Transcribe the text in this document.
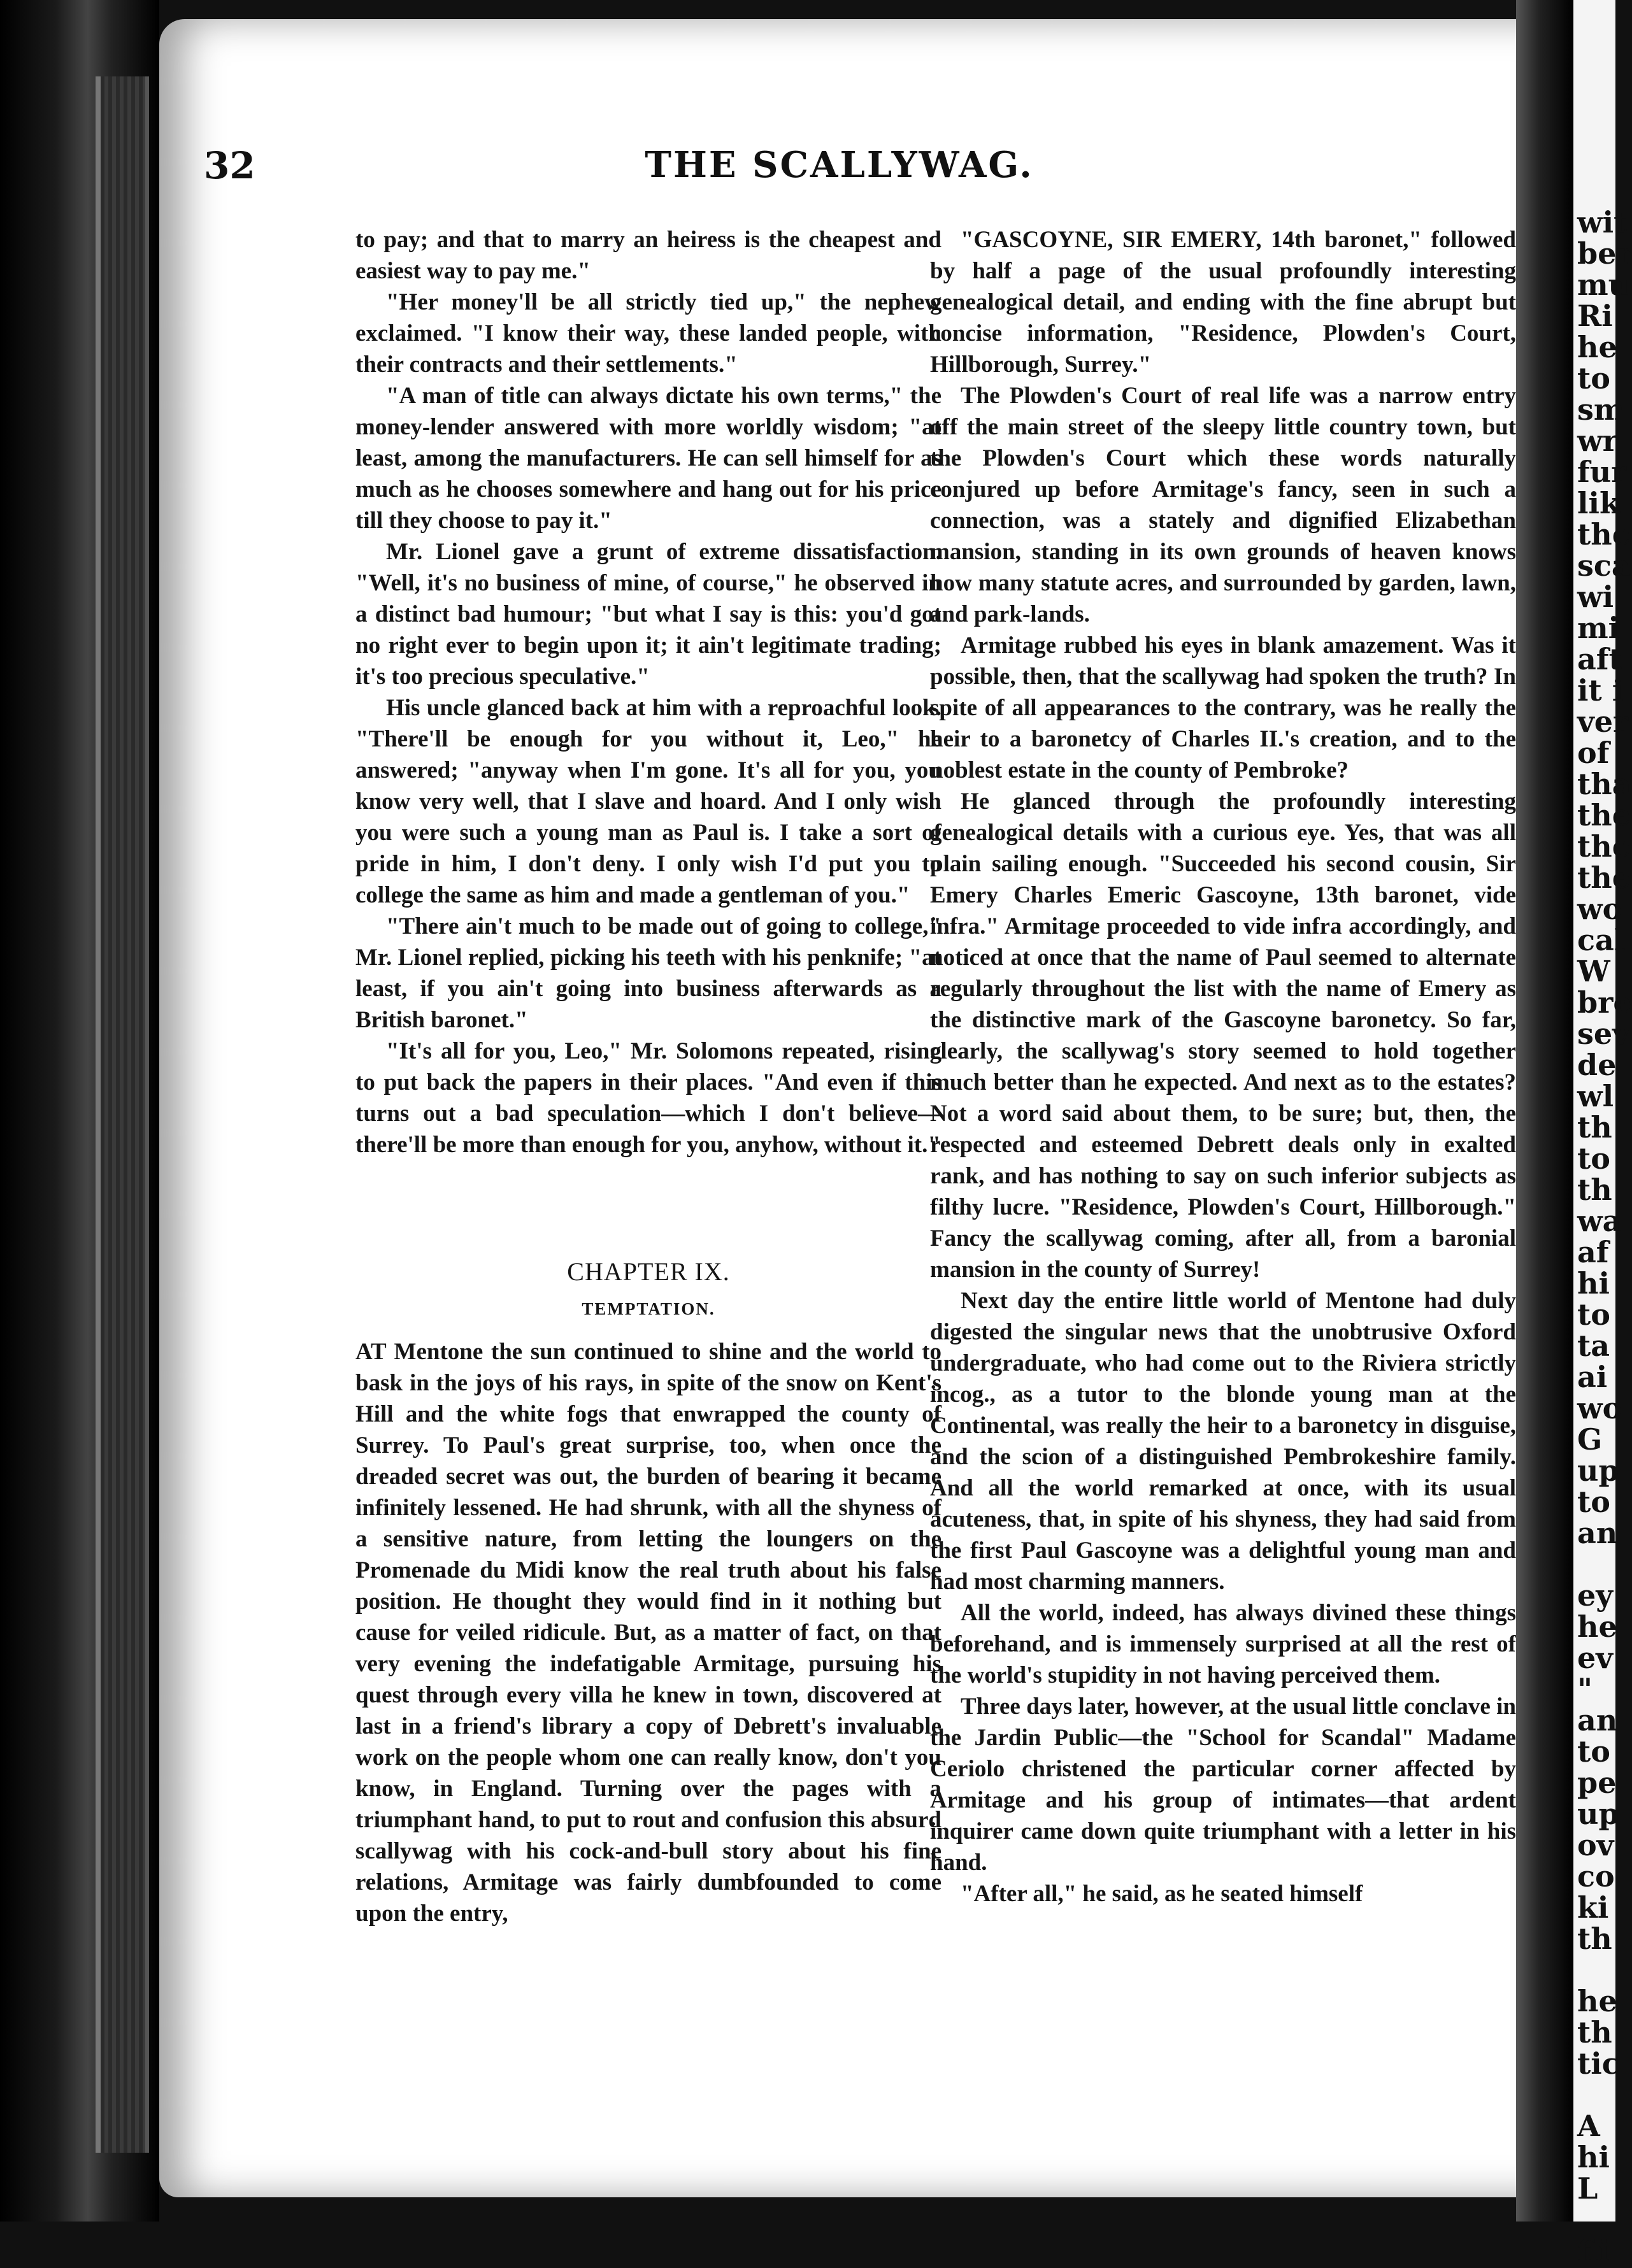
32	THE SCALLYWAG.

to pay; and that to marry an heiress is the cheapest and easiest way to pay me."

"Her money'll be all strictly tied up," the nephew exclaimed. "I know their way, these landed people, with their contracts and their settlements."

"A man of title can always dictate his own terms," the money-lender answered with more worldly wisdom; "at least, among the manufacturers. He can sell himself for as much as he chooses somewhere and hang out for his price till they choose to pay it."

Mr. Lionel gave a grunt of extreme dissatisfaction. "Well, it's no business of mine, of course," he observed in a distinct bad humour; "but what I say is this: you'd got no right ever to begin upon it; it ain't legitimate trading; it's too precious speculative."

His uncle glanced back at him with a reproachful look. "There'll be enough for you without it, Leo," he answered; "anyway when I'm gone. It's all for you, you know very well, that I slave and hoard. And I only wish you were such a young man as Paul is. I take a sort of pride in him, I don't deny. I only wish I'd put you to college the same as him and made a gentleman of you."

"There ain't much to be made out of going to college," Mr. Lionel replied, picking his teeth with his penknife; "at least, if you ain't going into business afterwards as a British baronet."

"It's all for you, Leo," Mr. Solomons repeated, rising to put back the papers in their places. "And even if this turns out a bad speculation—which I don't believe—there'll be more than enough for you, anyhow, without it."

CHAPTER IX.
TEMPTATION.

AT Mentone the sun continued to shine and the world to bask in the joys of his rays, in spite of the snow on Kent's Hill and the white fogs that enwrapped the county of Surrey. To Paul's great surprise, too, when once the dreaded secret was out, the burden of bearing it became infinitely lessened. He had shrunk, with all the shyness of a sensitive nature, from letting the loungers on the Promenade du Midi know the real truth about his false position. He thought they would find in it nothing but cause for veiled ridicule. But, as a matter of fact, on that very evening the indefatigable Armitage, pursuing his quest through every villa he knew in town, discovered at last in a friend's library a copy of Debrett's invaluable work on the people whom one can really know, don't you know, in England. Turning over the pages with a triumphant hand, to put to rout and confusion this absurd scallywag with his cock-and-bull story about his fine relations, Armitage was fairly dumbfounded to come upon the entry,

"GASCOYNE, SIR EMERY, 14th baronet," followed by half a page of the usual profoundly interesting genealogical detail, and ending with the fine abrupt but concise information, "Residence, Plowden's Court, Hillborough, Surrey."

The Plowden's Court of real life was a narrow entry off the main street of the sleepy little country town, but the Plowden's Court which these words naturally conjured up before Armitage's fancy, seen in such a connection, was a stately and dignified Elizabethan mansion, standing in its own grounds of heaven knows how many statute acres, and surrounded by garden, lawn, and park-lands.

Armitage rubbed his eyes in blank amazement. Was it possible, then, that the scallywag had spoken the truth? In spite of all appearances to the contrary, was he really the heir to a baronetcy of Charles II.'s creation, and to the noblest estate in the county of Pembroke?

He glanced through the profoundly interesting genealogical details with a curious eye. Yes, that was all plain sailing enough. "Succeeded his second cousin, Sir Emery Charles Emeric Gascoyne, 13th baronet, vide infra." Armitage proceeded to vide infra accordingly, and noticed at once that the name of Paul seemed to alternate regularly throughout the list with the name of Emery as the distinctive mark of the Gascoyne baronetcy. So far, clearly, the scallywag's story seemed to hold together much better than he expected. And next as to the estates? Not a word said about them, to be sure; but, then, the respected and esteemed Debrett deals only in exalted rank, and has nothing to say on such inferior subjects as filthy lucre. "Residence, Plowden's Court, Hillborough." Fancy the scallywag coming, after all, from a baronial mansion in the county of Surrey!

Next day the entire little world of Mentone had duly digested the singular news that the unobtrusive Oxford undergraduate, who had come out to the Riviera strictly incog., as a tutor to the blonde young man at the Continental, was really the heir to a baronetcy in disguise, and the scion of a distinguished Pembrokeshire family. And all the world remarked at once, with its usual acuteness, that, in spite of his shyness, they had said from the first Paul Gascoyne was a delightful young man and had most charming manners.

All the world, indeed, has always divined these things beforehand, and is immensely surprised at all the rest of the world's stupidity in not having perceived them.

Three days later, however, at the usual little conclave in the Jardin Public—the "School for Scandal" Madame Ceriolo christened the particular corner affected by Armitage and his group of intimates—that ardent inquirer came down quite triumphant with a letter in his hand.

"After all," he said, as he seated himself

wit
ber
mu
Ri
he
to
sm
wr
fur
lik
the
sca
wi
mi
aft
it i
ver
of
tha
the
the
the
wo
cal
W
bre
sev
de
wl
th
to
th
wa
af
hi
to
ta
ai
wo
G
up
to
an

ey
he
ev
"
an
to
pe
up
ov
co
ki
th

he
th
tic

A
hi
L

fii
